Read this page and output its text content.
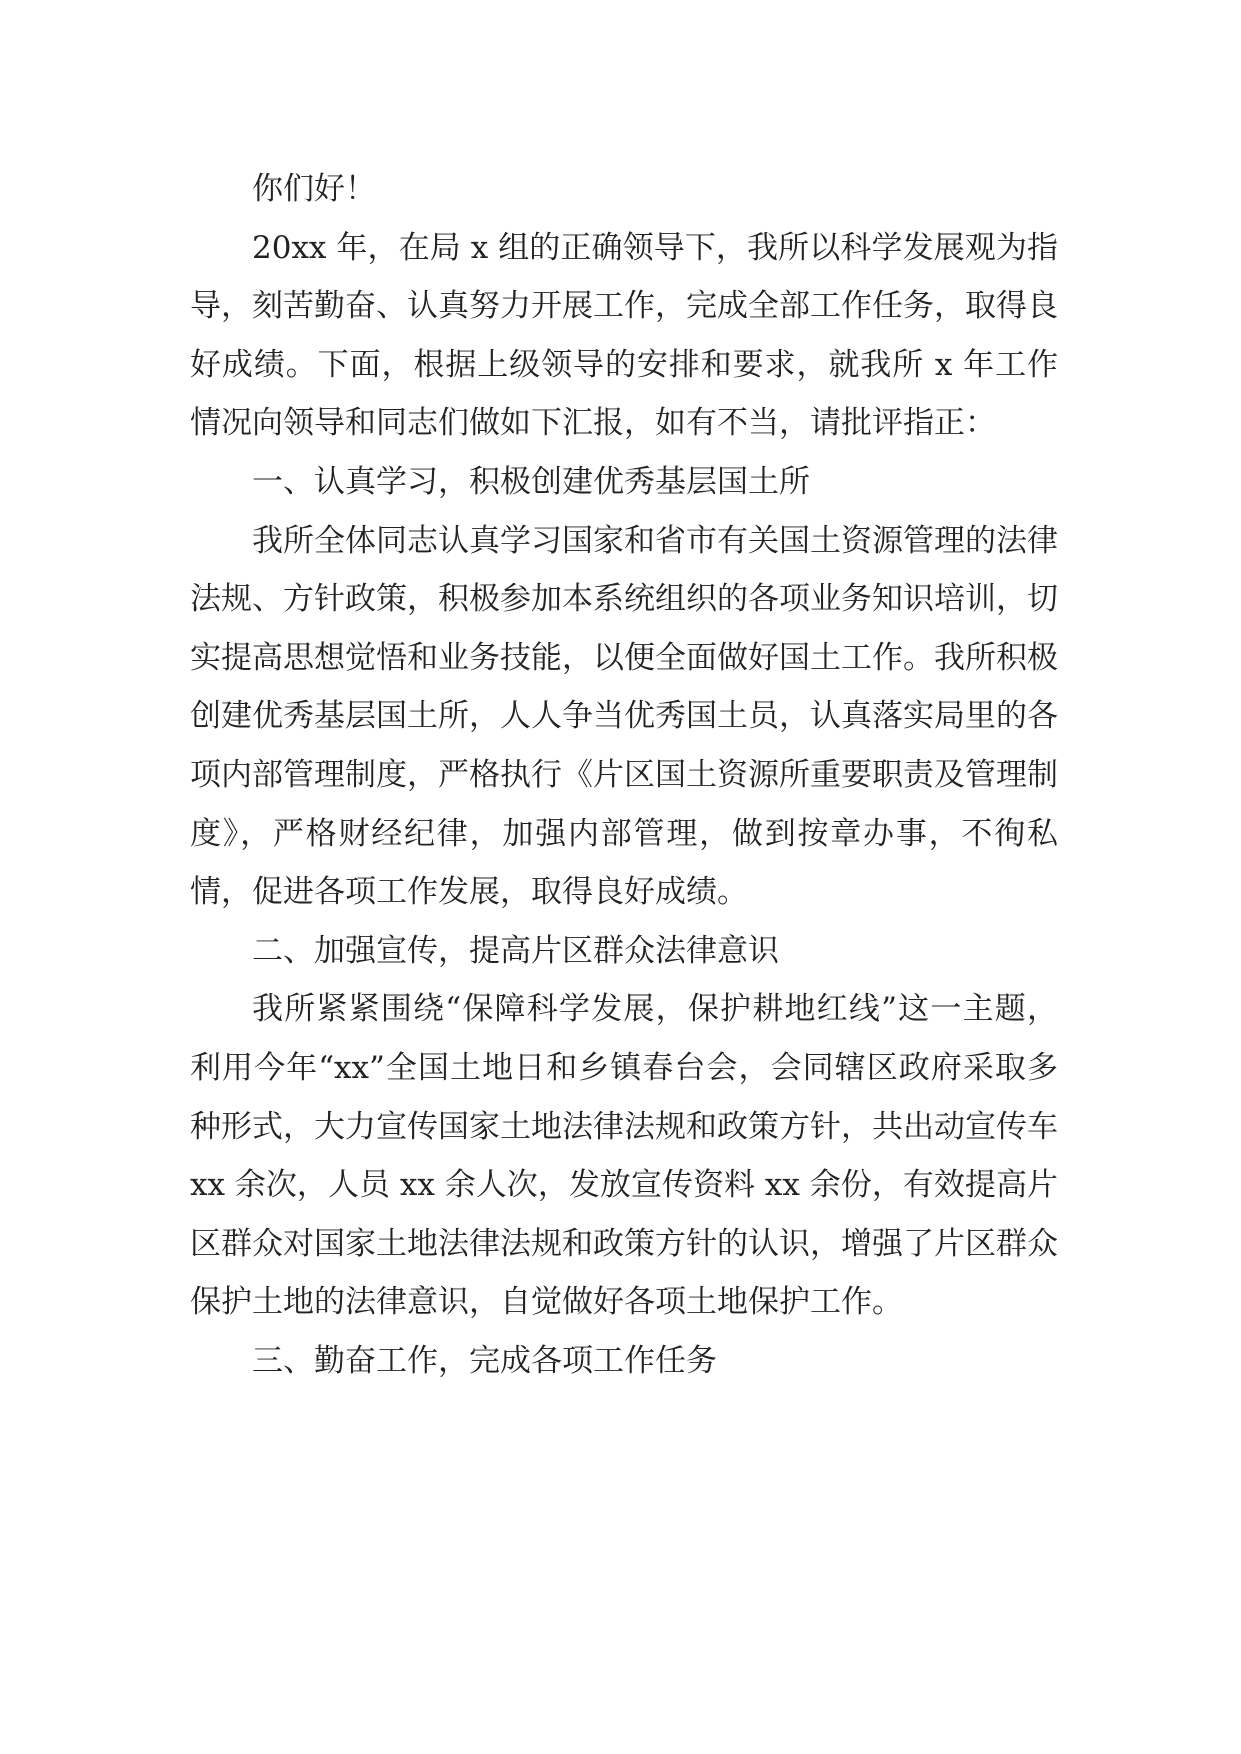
你们好！

20xx 年，在局 x 组的正确领导下，我所以科学发展观为指导，刻苦勤奋、认真努力开展工作，完成全部工作任务，取得良好成绩。下面，根据上级领导的安排和要求，就我所 x 年工作情况向领导和同志们做如下汇报，如有不当，请批评指正：

一、认真学习，积极创建优秀基层国土所

我所全体同志认真学习国家和省市有关国土资源管理的法律法规、方针政策，积极参加本系统组织的各项业务知识培训，切实提高思想觉悟和业务技能，以便全面做好国土工作。我所积极创建优秀基层国土所，人人争当优秀国土员，认真落实局里的各项内部管理制度，严格执行《片区国土资源所重要职责及管理制度》，严格财经纪律，加强内部管理，做到按章办事，不徇私情，促进各项工作发展，取得良好成绩。

二、加强宣传，提高片区群众法律意识

我所紧紧围绕“保障科学发展，保护耕地红线”这一主题，利用今年“xx”全国土地日和乡镇春台会，会同辖区政府采取多种形式，大力宣传国家土地法律法规和政策方针，共出动宣传车 xx 余次，人员 xx 余人次，发放宣传资料 xx 余份，有效提高片区群众对国家土地法律法规和政策方针的认识，增强了片区群众保护土地的法律意识，自觉做好各项土地保护工作。

三、勤奋工作，完成各项工作任务
